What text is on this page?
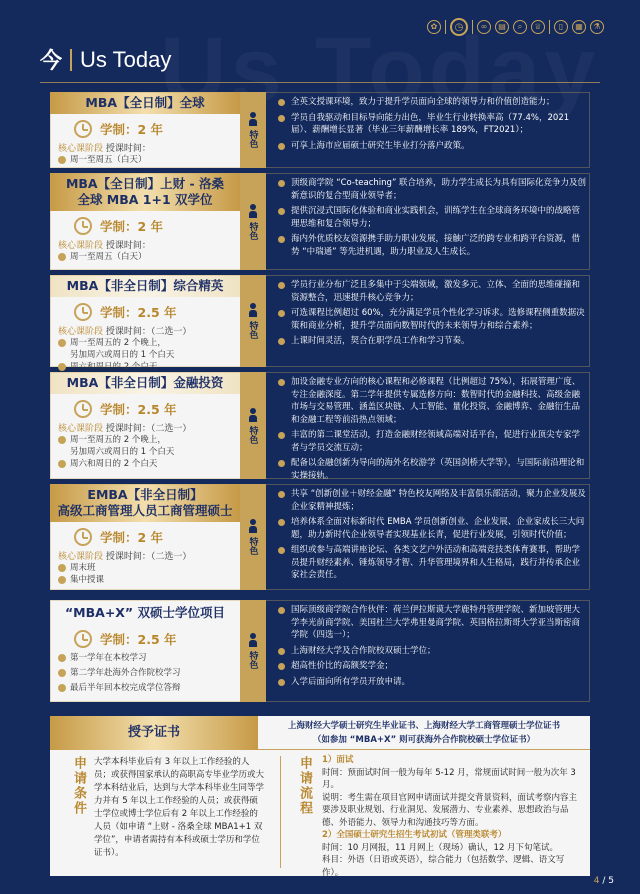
✿	◷	∞	▤	⌕	♕	▯	▦	⚗
今 Us Today
MBA【全日制】全球
学制：2 年
核心课阶段 授课时间：
周一至周五（白天）
特色
全英文授课环境，致力于提升学员面向全球的领导力和价值创造能力；
学员自我驱动和目标导向能力出色，毕业生行业转换率高（77.4%，2021 届）、薪酬增长显著（毕业三年薪酬增长率 189%，FT2021）；
可享上海市应届硕士研究生毕业打分落户政策。
MBA【全日制】上财 - 洛桑
全球 MBA 1+1 双学位
学制：2 年
核心课阶段 授课时间：
周一至周五（白天）
特色
顶级商学院 “Co-teaching” 联合培养，助力学生成长为具有国际化竞争力及创新意识的复合型商业领导者；
提供沉浸式国际化体验和商业实践机会，训练学生在全球商务环境中的战略管理思维和复合领导力；
海内外优质校友资源携手助力职业发展，接触广泛的跨专业和跨平台资源，借势 “中瑞通” 等先进机遇，助力职业及人生成长。
MBA【非全日制】综合精英
学制：2.5 年
核心课阶段 授课时间：（二选一）
周一至周五的 2 个晚上，
另加周六或周日的 1 个白天
周六和周日的 2 个白天
特色
学员行业分布广泛且多集中于尖端领域，激发多元、立体、全面的思维碰撞和资源整合，迅速提升核心竞争力；
可选课程比例超过 60%，充分满足学员个性化学习诉求。选修课程侧重数据决策和商业分析，提升学员面向数智时代的未来领导力和综合素养；
上课时间灵活，契合在职学员工作和学习节奏。
MBA【非全日制】金融投资
学制：2.5 年
核心课阶段 授课时间：（二选一）
周一至周五的 2 个晚上，
另加周六或周日的 1 个白天
周六和周日的 2 个白天
特色
加设金融专业方向的核心课程和必修课程（比例超过 75%），拓展管理广度、专注金融深度。第二学年提供专属选修方向：数智时代的金融科技、高级金融市场与交易管理、涵盖区块链、人工智能、量化投资、金融博弈、金融衍生品和金融工程等前沿热点领域；
丰富的第二课堂活动，打造金融财经领域高端对话平台，促进行业顶尖专家学者与学员交流互动；
配备以金融创新为导向的海外名校游学（英国剑桥大学等），与国际前沿理论和实操接轨。
EMBA【非全日制】
高级工商管理人员工商管理硕士
学制：2 年
核心课阶段 授课时间：（二选一）
周末班
集中授课
特色
共享 “创新创业＋财经金融” 特色校友网络及丰富俱乐部活动，聚力企业发展及企业家精神提炼；
培养体系全面对标新时代 EMBA 学员创新创业、企业发展、企业家成长三大问题，助力新时代企业领导者实现基业长青，促进行业发展，引领时代价值；
组织或参与高端讲座论坛、各类文艺户外活动和高端竞技类体育赛事，帮助学员提升财经素养、锤炼领导才智、升华管理境界和人生格局，践行并传承企业家社会责任。
“MBA+X” 双硕士学位项目
学制：2.5 年
第一学年在本校学习
第二学年赴海外合作院校学习
最后半年回本校完成学位答辩
特色
国际顶级商学院合作伙伴：荷兰伊拉斯谟大学鹿特丹管理学院、新加坡管理大学李光前商学院、美国杜兰大学弗里曼商学院、英国格拉斯哥大学亚当斯密商学院（四选一）；
上海财经大学及合作院校双硕士学位；
超高性价比的高额奖学金；
入学后面向所有学员开放申请。
授予证书	上海财经大学硕士研究生毕业证书、上海财经大学工商管理硕士学位证书
（如参加 “MBA+X” 则可获海外合作院校硕士学位证书）
申请条件 大学本科毕业后有 3 年以上工作经验的人员；或获得国家承认的高职高专毕业学历或大学本科结业后，达到与大学本科毕业生同等学力并有 5 年以上工作经验的人员；或获得硕士学位或博士学位后有 2 年以上工作经验的人员（如申请 “上财 - 洛桑全球 MBA1+1 双学位”，申请者需持有本科或硕士学历和学位证书）。
申请流程 1）面试
时间：预面试时间一般为每年 5-12 月，常规面试时间一般为次年 3 月。
说明：考生需在项目官网申请面试并提交背景资料，面试考察内容主要涉及职业规划、行业洞见、发展潜力、专业素养、思想政治与品德、外语能力、领导力和沟通技巧等方面。
2）全国硕士研究生招生考试初试（管理类联考）
时间：10 月网报，11 月网上（现场）确认，12 月下旬笔试。
科目：外语（日语或英语），综合能力（包括数学、逻辑、语文写作）。
4 / 5
